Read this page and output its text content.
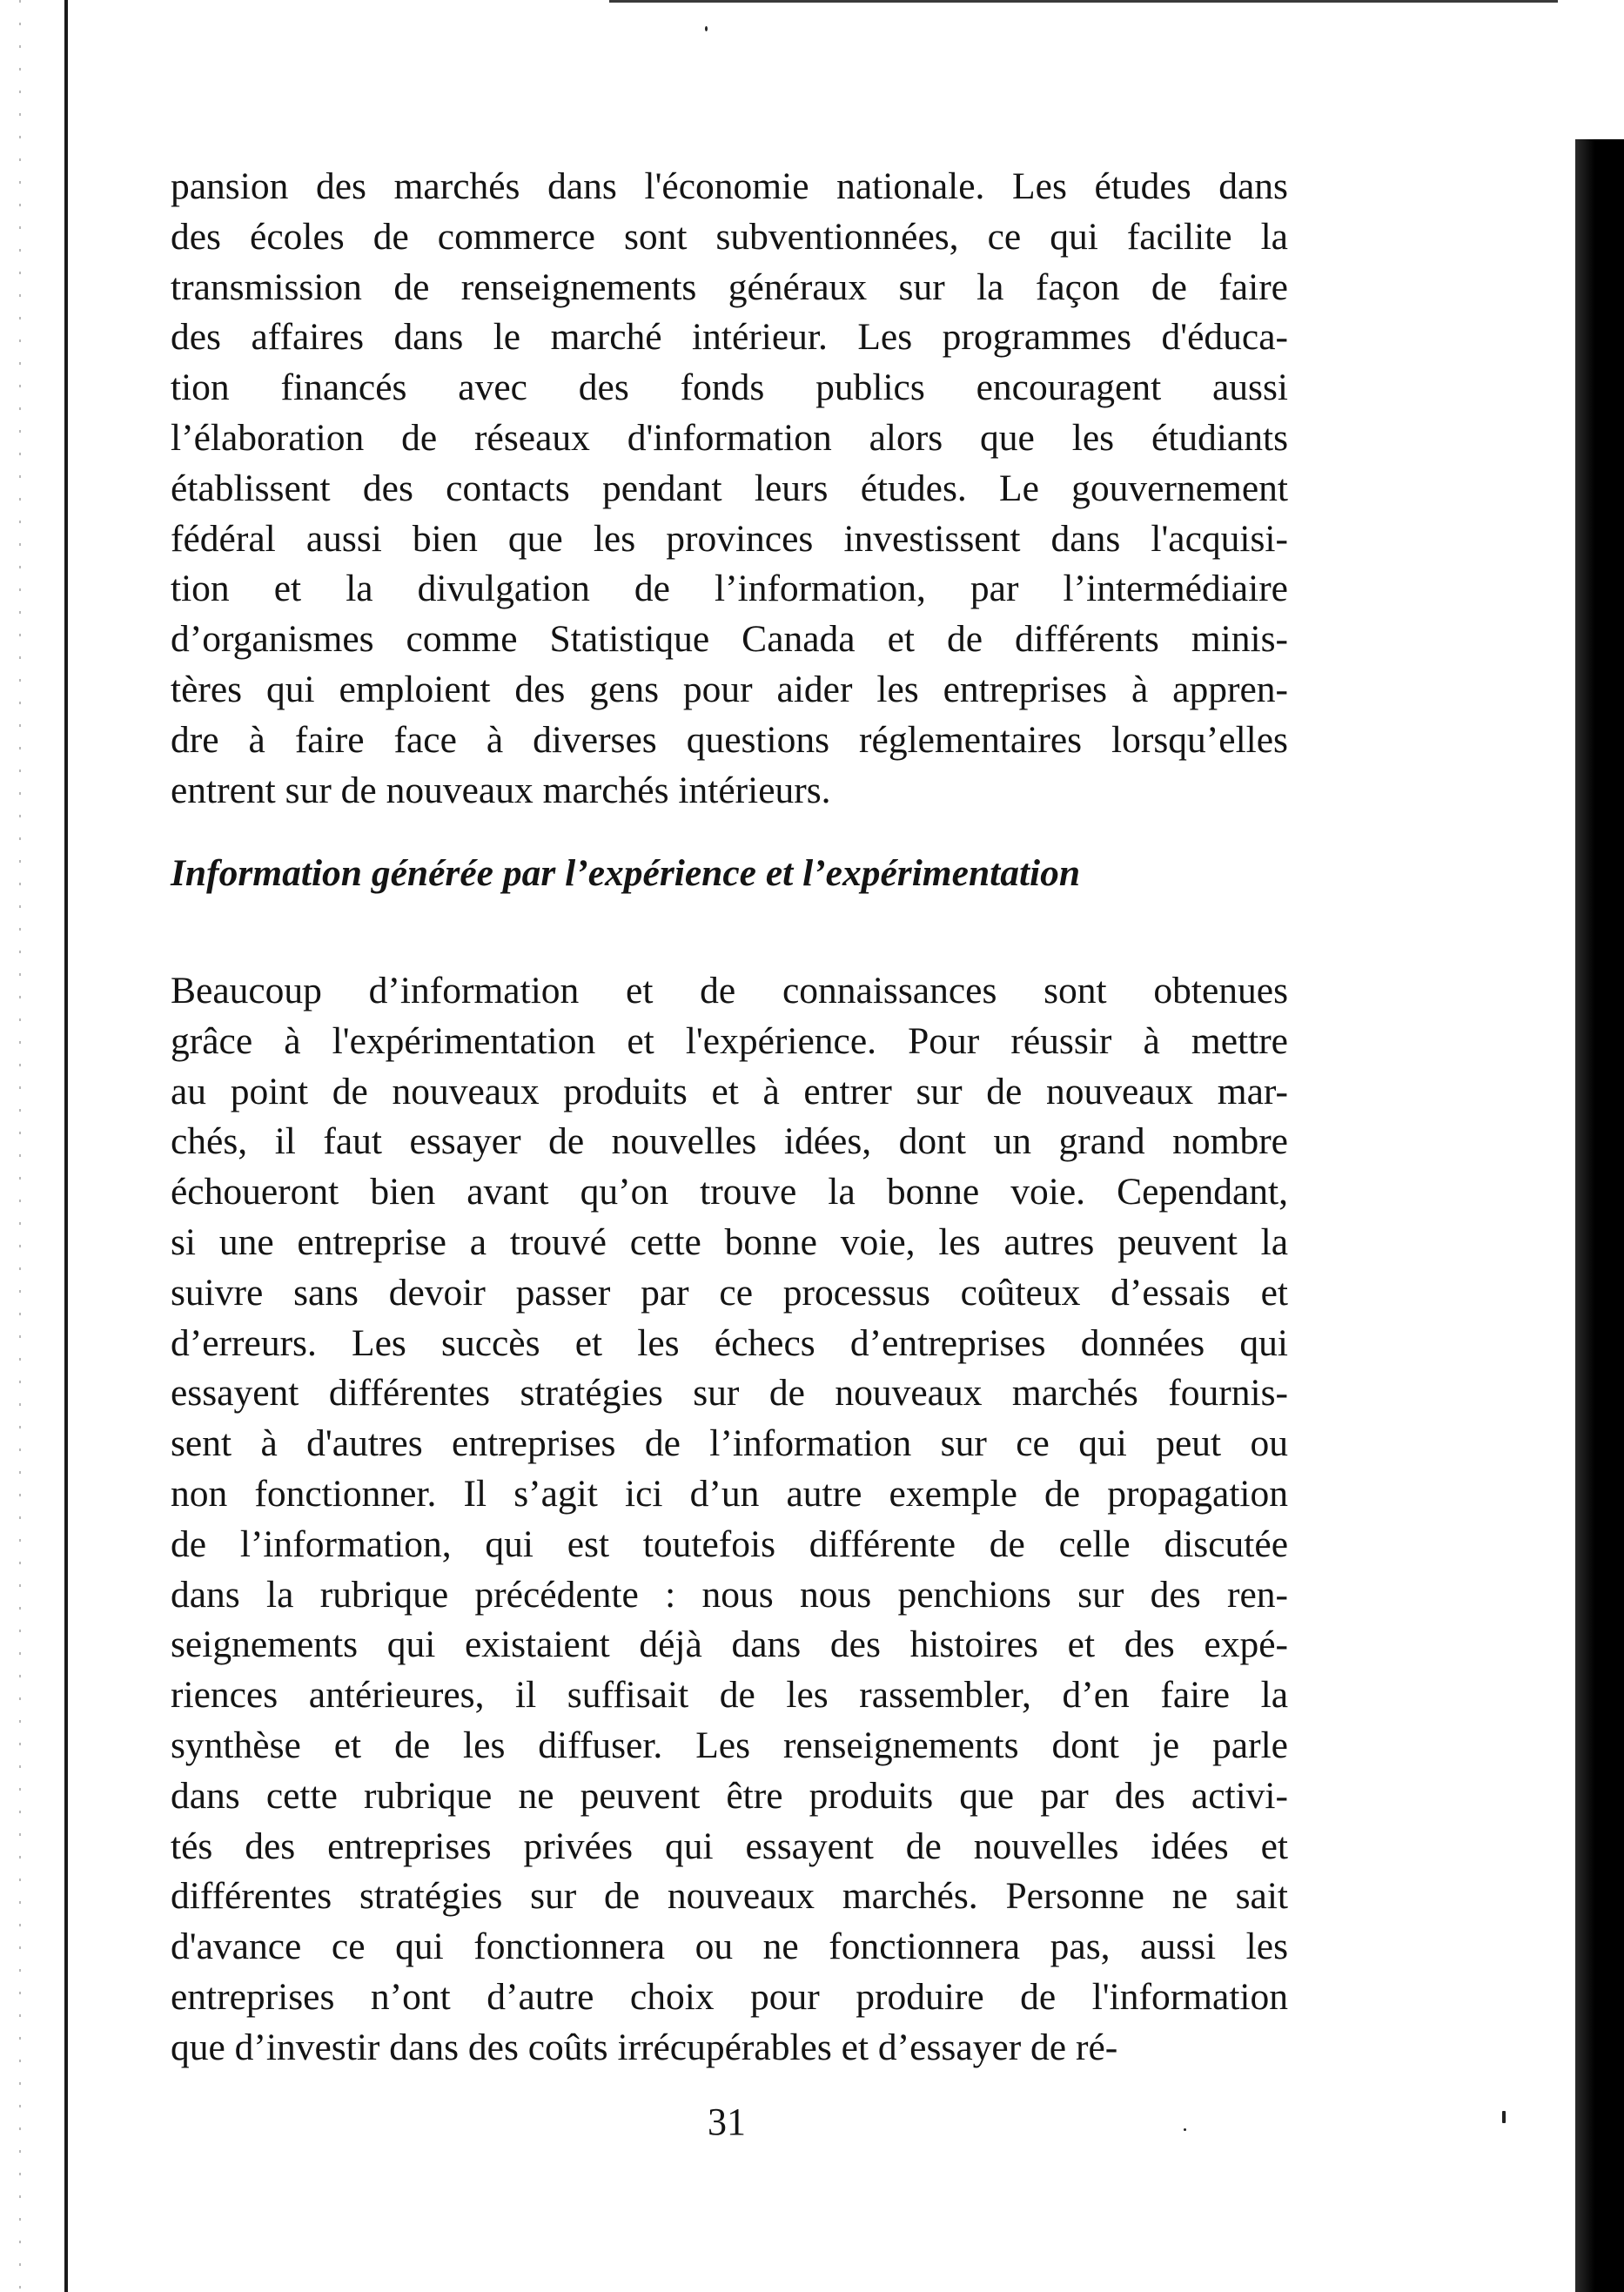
pansion des marchés dans l'économie nationale. Les études dans
des écoles de commerce sont subventionnées, ce qui facilite la
transmission de renseignements généraux sur la façon de faire
des affaires dans le marché intérieur. Les programmes d'éduca-
tion financés avec des fonds publics encouragent aussi
l’élaboration de réseaux d'information alors que les étudiants
établissent des contacts pendant leurs études. Le gouvernement
fédéral aussi bien que les provinces investissent dans l'acquisi-
tion et la divulgation de l’information, par l’intermédiaire
d’organismes comme Statistique Canada et de différents minis-
tères qui emploient des gens pour aider les entreprises à appren-
dre à faire face à diverses questions réglementaires lorsqu’elles
entrent sur de nouveaux marchés intérieurs.

Information générée par l’expérience et l’expérimentation

Beaucoup d’information et de connaissances sont obtenues
grâce à l'expérimentation et l'expérience. Pour réussir à mettre
au point de nouveaux produits et à entrer sur de nouveaux mar-
chés, il faut essayer de nouvelles idées, dont un grand nombre
échoueront bien avant qu’on trouve la bonne voie. Cependant,
si une entreprise a trouvé cette bonne voie, les autres peuvent la
suivre sans devoir passer par ce processus coûteux d’essais et
d’erreurs. Les succès et les échecs d’entreprises données qui
essayent différentes stratégies sur de nouveaux marchés fournis-
sent à d'autres entreprises de l’information sur ce qui peut ou
non fonctionner. Il s’agit ici d’un autre exemple de propagation
de l’information, qui est toutefois différente de celle discutée
dans la rubrique précédente : nous nous penchions sur des ren-
seignements qui existaient déjà dans des histoires et des expé-
riences antérieures, il suffisait de les rassembler, d’en faire la
synthèse et de les diffuser. Les renseignements dont je parle
dans cette rubrique ne peuvent être produits que par des activi-
tés des entreprises privées qui essayent de nouvelles idées et
différentes stratégies sur de nouveaux marchés. Personne ne sait
d'avance ce qui fonctionnera ou ne fonctionnera pas, aussi les
entreprises n’ont d’autre choix pour produire de l'information
que d’investir dans des coûts irrécupérables et d’essayer de ré-

31
